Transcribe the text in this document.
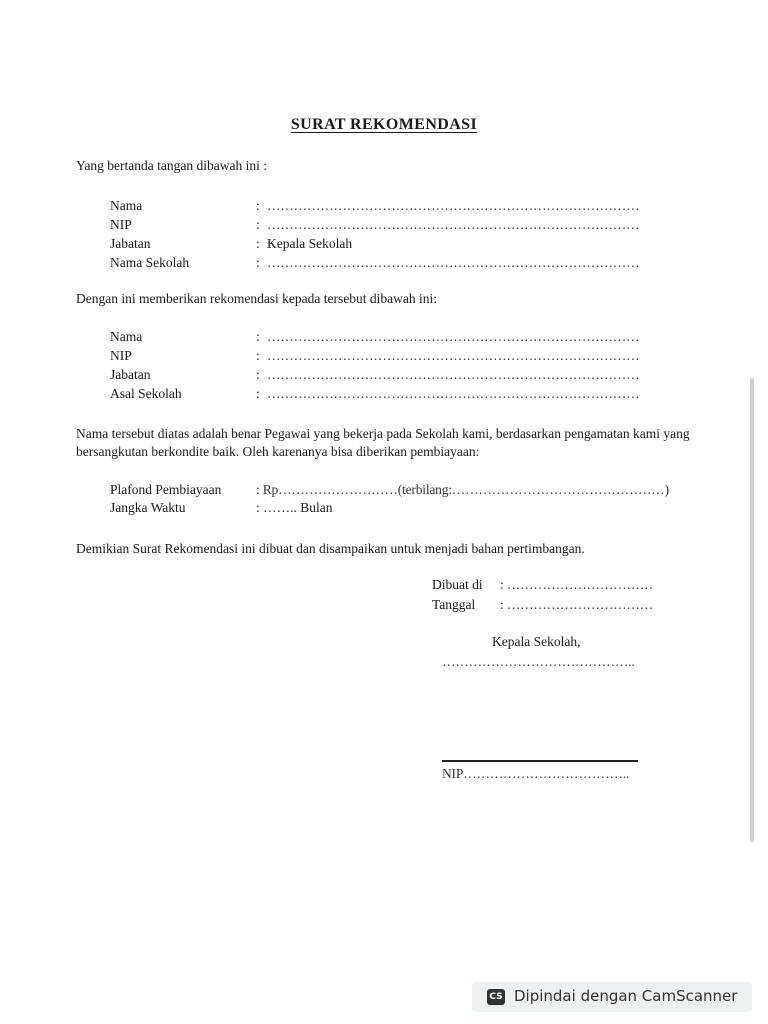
SURAT REKOMENDASI
Yang bertanda tangan dibawah ini :
Nama	: …………………………………………………………………………
NIP	: …………………………………………………………………………
Jabatan	: Kepala Sekolah
Nama Sekolah	: …………………………………………………………………………
Dengan ini memberikan rekomendasi kepada tersebut dibawah ini:
Nama	: …………………………………………………………………………
NIP	: …………………………………………………………………………
Jabatan	: …………………………………………………………………………
Asal Sekolah	: …………………………………………………………………………
Nama tersebut diatas adalah benar Pegawai yang bekerja pada Sekolah kami, berdasarkan pengamatan kami yang bersangkutan berkondite baik. Oleh karenanya bisa diberikan pembiayaan:
Plafond Pembiayaan	: Rp………………………(terbilang:…………………………………………)
Jangka Waktu	: …….. Bulan
Demikian Surat Rekomendasi ini dibuat dan disampaikan untuk menjadi bahan pertimbangan.
Dibuat di : ……………………………
Tanggal : ……………………………
Kepala Sekolah,
……………………………………..
NIP………………………………..
CS Dipindai dengan CamScanner
